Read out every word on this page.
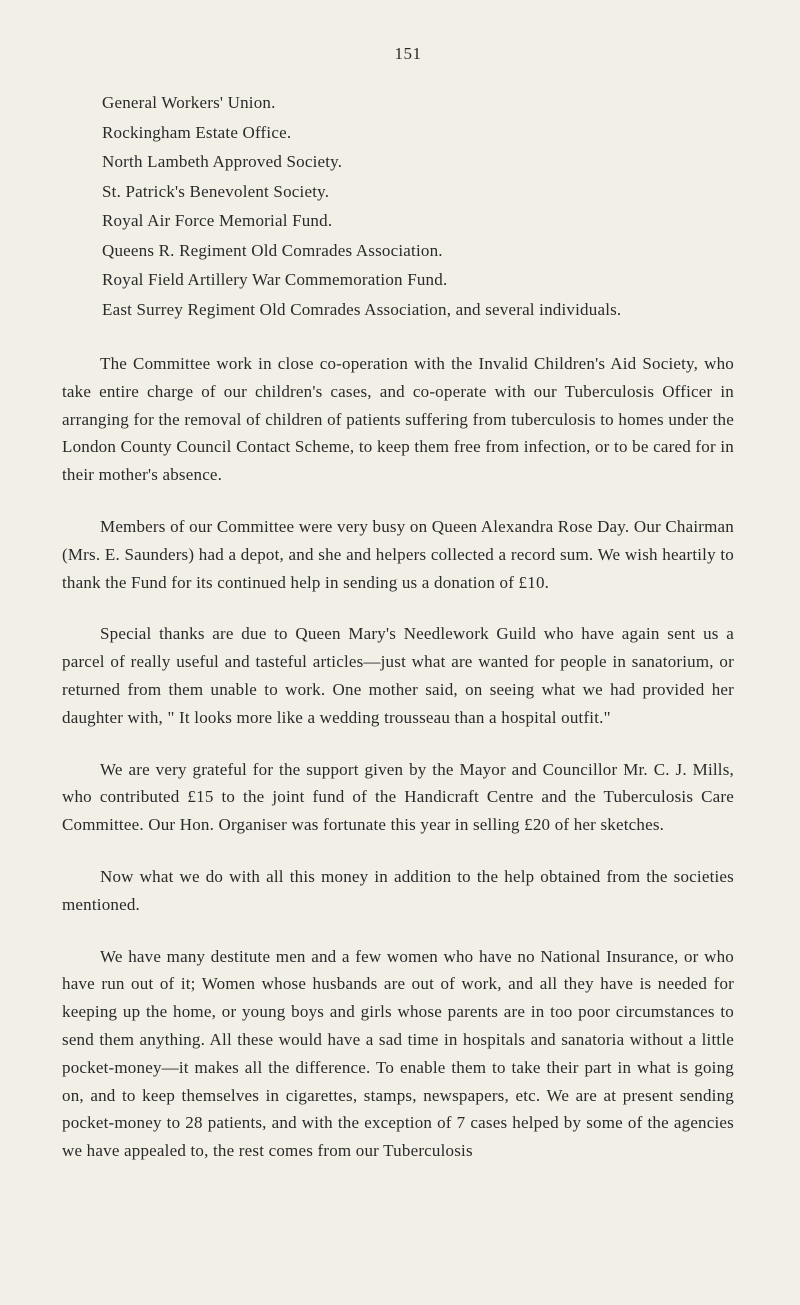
151
General Workers' Union.
Rockingham Estate Office.
North Lambeth Approved Society.
St. Patrick's Benevolent Society.
Royal Air Force Memorial Fund.
Queens R. Regiment Old Comrades Association.
Royal Field Artillery War Commemoration Fund.
East Surrey Regiment Old Comrades Association, and several individuals.

The Committee work in close co-operation with the Invalid Children's Aid Society, who take entire charge of our children's cases, and co-operate with our Tuberculosis Officer in arranging for the removal of children of patients suffering from tuberculosis to homes under the London County Council Contact Scheme, to keep them free from infection, or to be cared for in their mother's absence.

Members of our Committee were very busy on Queen Alexandra Rose Day. Our Chairman (Mrs. E. Saunders) had a depot, and she and helpers collected a record sum. We wish heartily to thank the Fund for its continued help in sending us a donation of £10.

Special thanks are due to Queen Mary's Needlework Guild who have again sent us a parcel of really useful and tasteful articles—just what are wanted for people in sanatorium, or returned from them unable to work. One mother said, on seeing what we had provided her daughter with, " It looks more like a wedding trousseau than a hospital outfit."

We are very grateful for the support given by the Mayor and Councillor Mr. C. J. Mills, who contributed £15 to the joint fund of the Handicraft Centre and the Tuberculosis Care Committee. Our Hon. Organiser was fortunate this year in selling £20 of her sketches.

Now what we do with all this money in addition to the help obtained from the societies mentioned.

We have many destitute men and a few women who have no National Insurance, or who have run out of it; Women whose husbands are out of work, and all they have is needed for keeping up the home, or young boys and girls whose parents are in too poor circumstances to send them anything. All these would have a sad time in hospitals and sanatoria without a little pocket-money—it makes all the difference. To enable them to take their part in what is going on, and to keep themselves in cigarettes, stamps, newspapers, etc. We are at present sending pocket-money to 28 patients, and with the exception of 7 cases helped by some of the agencies we have appealed to, the rest comes from our Tuberculosis
